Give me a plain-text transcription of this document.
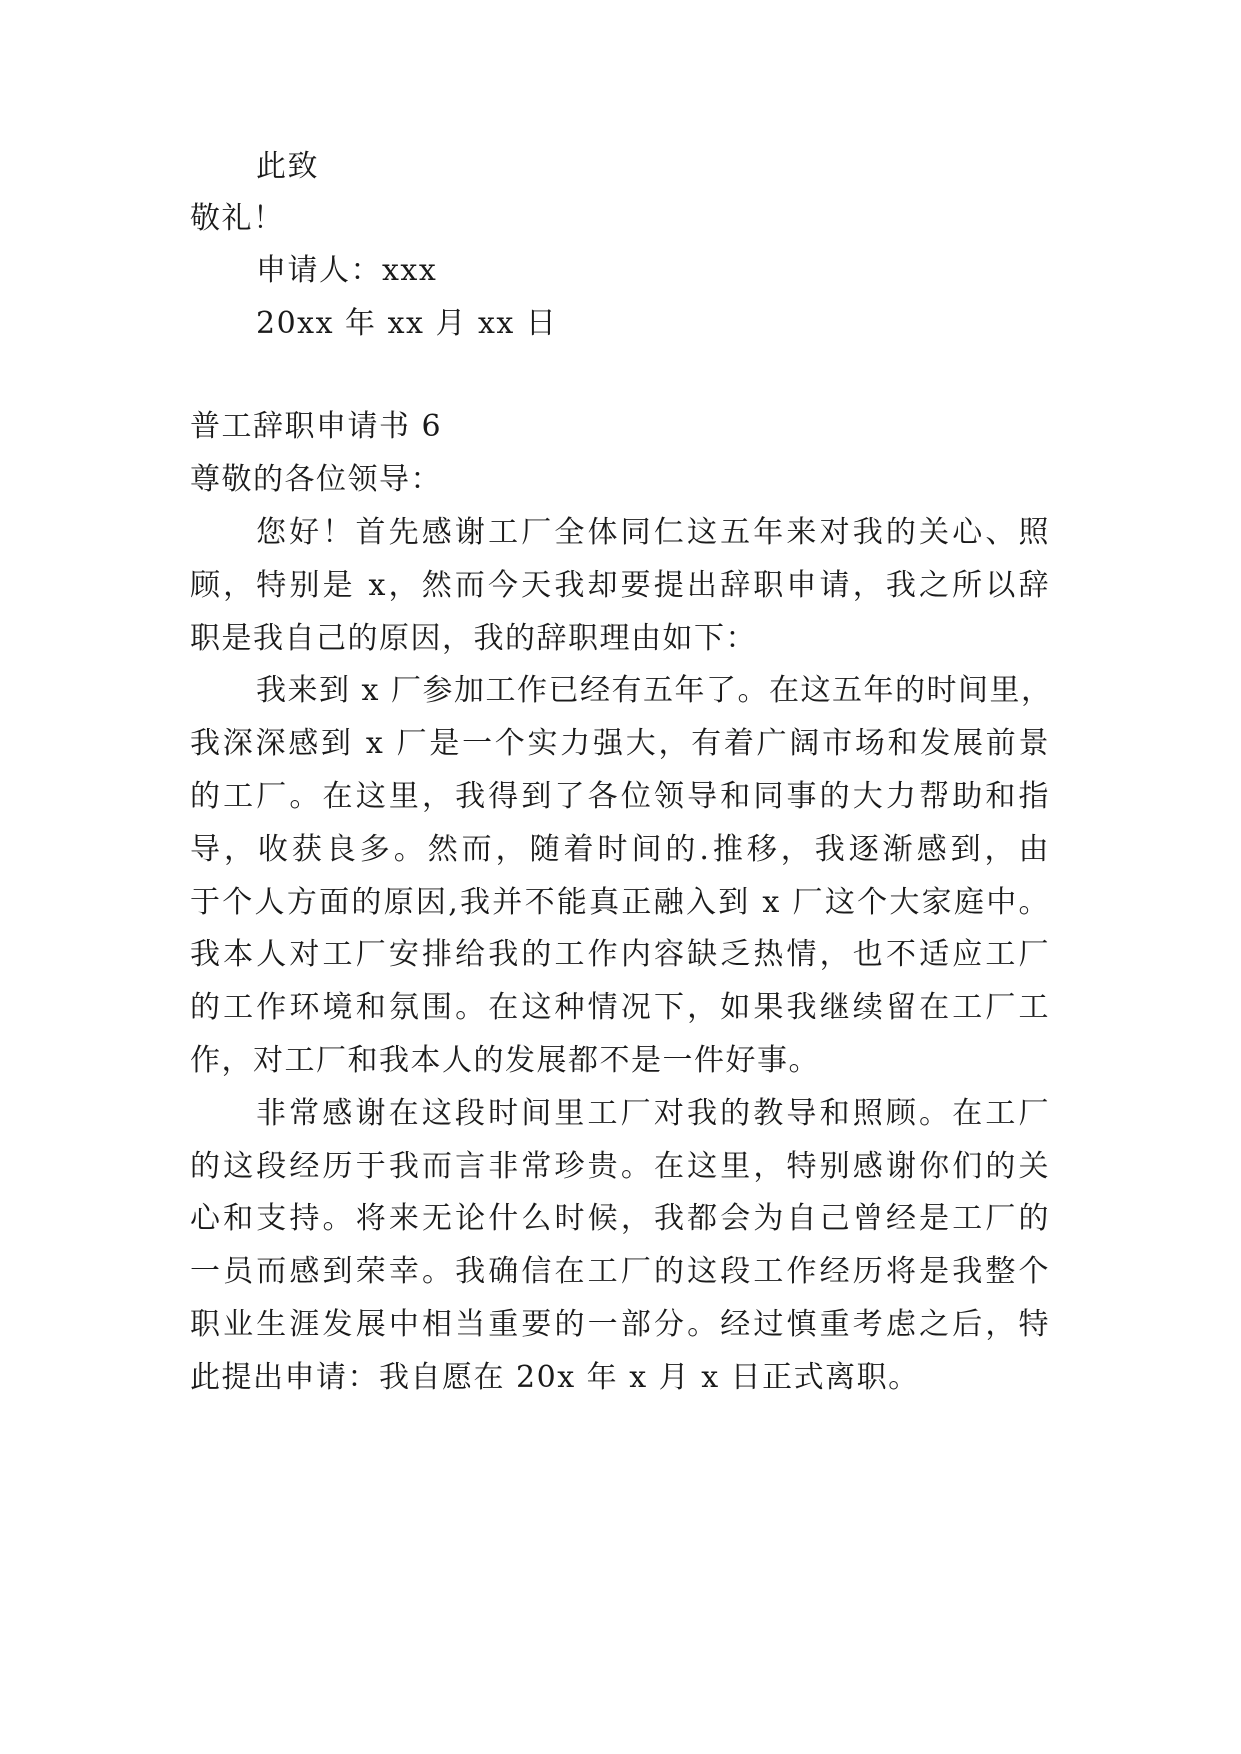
此致
敬礼！
申请人：xxx
20xx 年 xx 月 xx 日
普工辞职申请书 6
尊敬的各位领导：
您好！首先感谢工厂全体同仁这五年来对我的关心、照
顾，特别是 x，然而今天我却要提出辞职申请，我之所以辞
职是我自己的原因，我的辞职理由如下：
我来到 x 厂参加工作已经有五年了。在这五年的时间里，
我深深感到 x 厂是一个实力强大，有着广阔市场和发展前景
的工厂。在这里，我得到了各位领导和同事的大力帮助和指
导，收获良多。然而，随着时间的.推移，我逐渐感到，由
于个人方面的原因,我并不能真正融入到 x 厂这个大家庭中。
我本人对工厂安排给我的工作内容缺乏热情，也不适应工厂
的工作环境和氛围。在这种情况下，如果我继续留在工厂工
作，对工厂和我本人的发展都不是一件好事。
非常感谢在这段时间里工厂对我的教导和照顾。在工厂
的这段经历于我而言非常珍贵。在这里，特别感谢你们的关
心和支持。将来无论什么时候，我都会为自己曾经是工厂的
一员而感到荣幸。我确信在工厂的这段工作经历将是我整个
职业生涯发展中相当重要的一部分。经过慎重考虑之后，特
此提出申请：我自愿在 20x 年 x 月 x 日正式离职。
